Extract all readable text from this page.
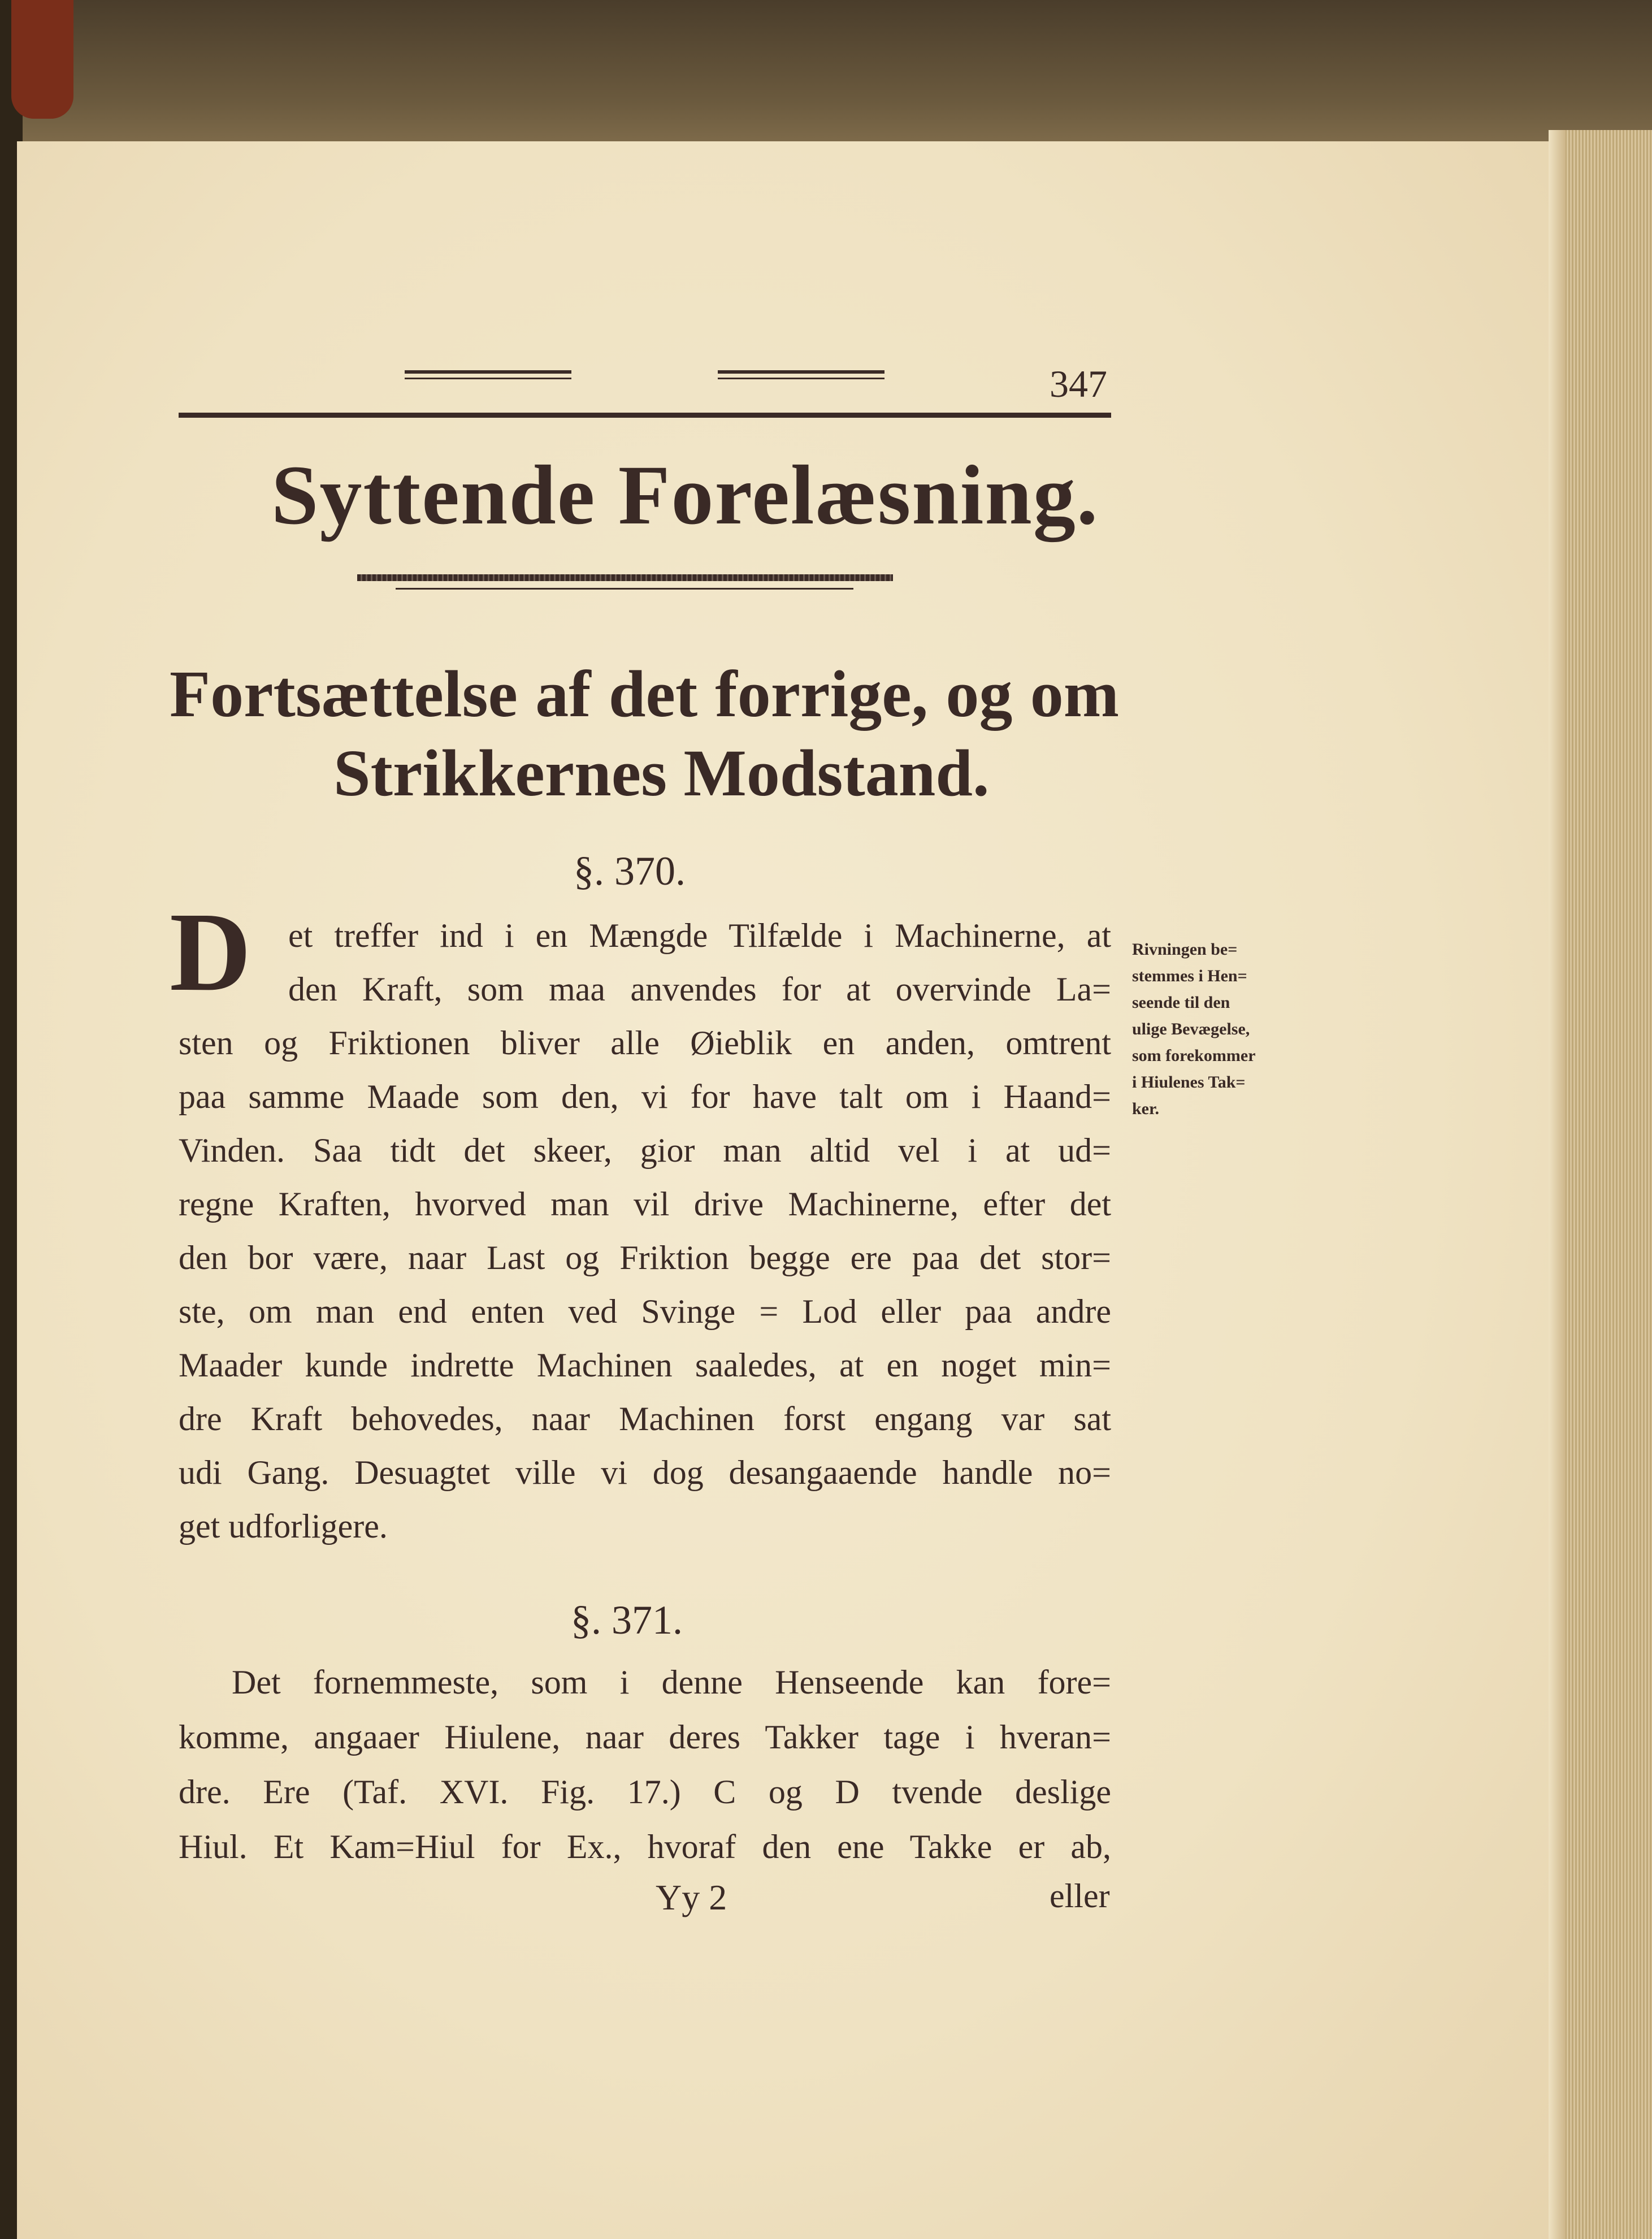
347
Syttende Forelæsning.
Fortsættelse af det forrige, og om
Strikkernes Modstand.
§. 370.
D et treffer ind i en Mængde Tilfælde i Machinerne, at
den Kraft, som maa anvendes for at overvinde La=
sten og Friktionen bliver alle Øieblik en anden, omtrent
paa samme Maade som den, vi for have talt om i Haand=
Vinden. Saa tidt det skeer, gior man altid vel i at ud=
regne Kraften, hvorved man vil drive Machinerne, efter det
den bor være, naar Last og Friktion begge ere paa det stor=
ste, om man end enten ved Svinge = Lod eller paa andre
Maader kunde indrette Machinen saaledes, at en noget min=
dre Kraft behovedes, naar Machinen forst engang var sat
udi Gang. Desuagtet ville vi dog desangaaende handle no=
get udforligere.
Det fornemmeste, som i denne Henseende kan fore=
komme, angaaer Hiulene, naar deres Takker tage i hveran=
dre. Ere (Taf. XVI. Fig. 17.) C og D tvende deslige
Hiul. Et Kam=Hiul for Ex., hvoraf den ene Takke er ab,
Rivningen be=
stemmes i Hen=
seende til den
ulige Bevægelse,
som forekommer
i Hiulenes Tak=
ker.
§. 371.
Yy 2	eller
